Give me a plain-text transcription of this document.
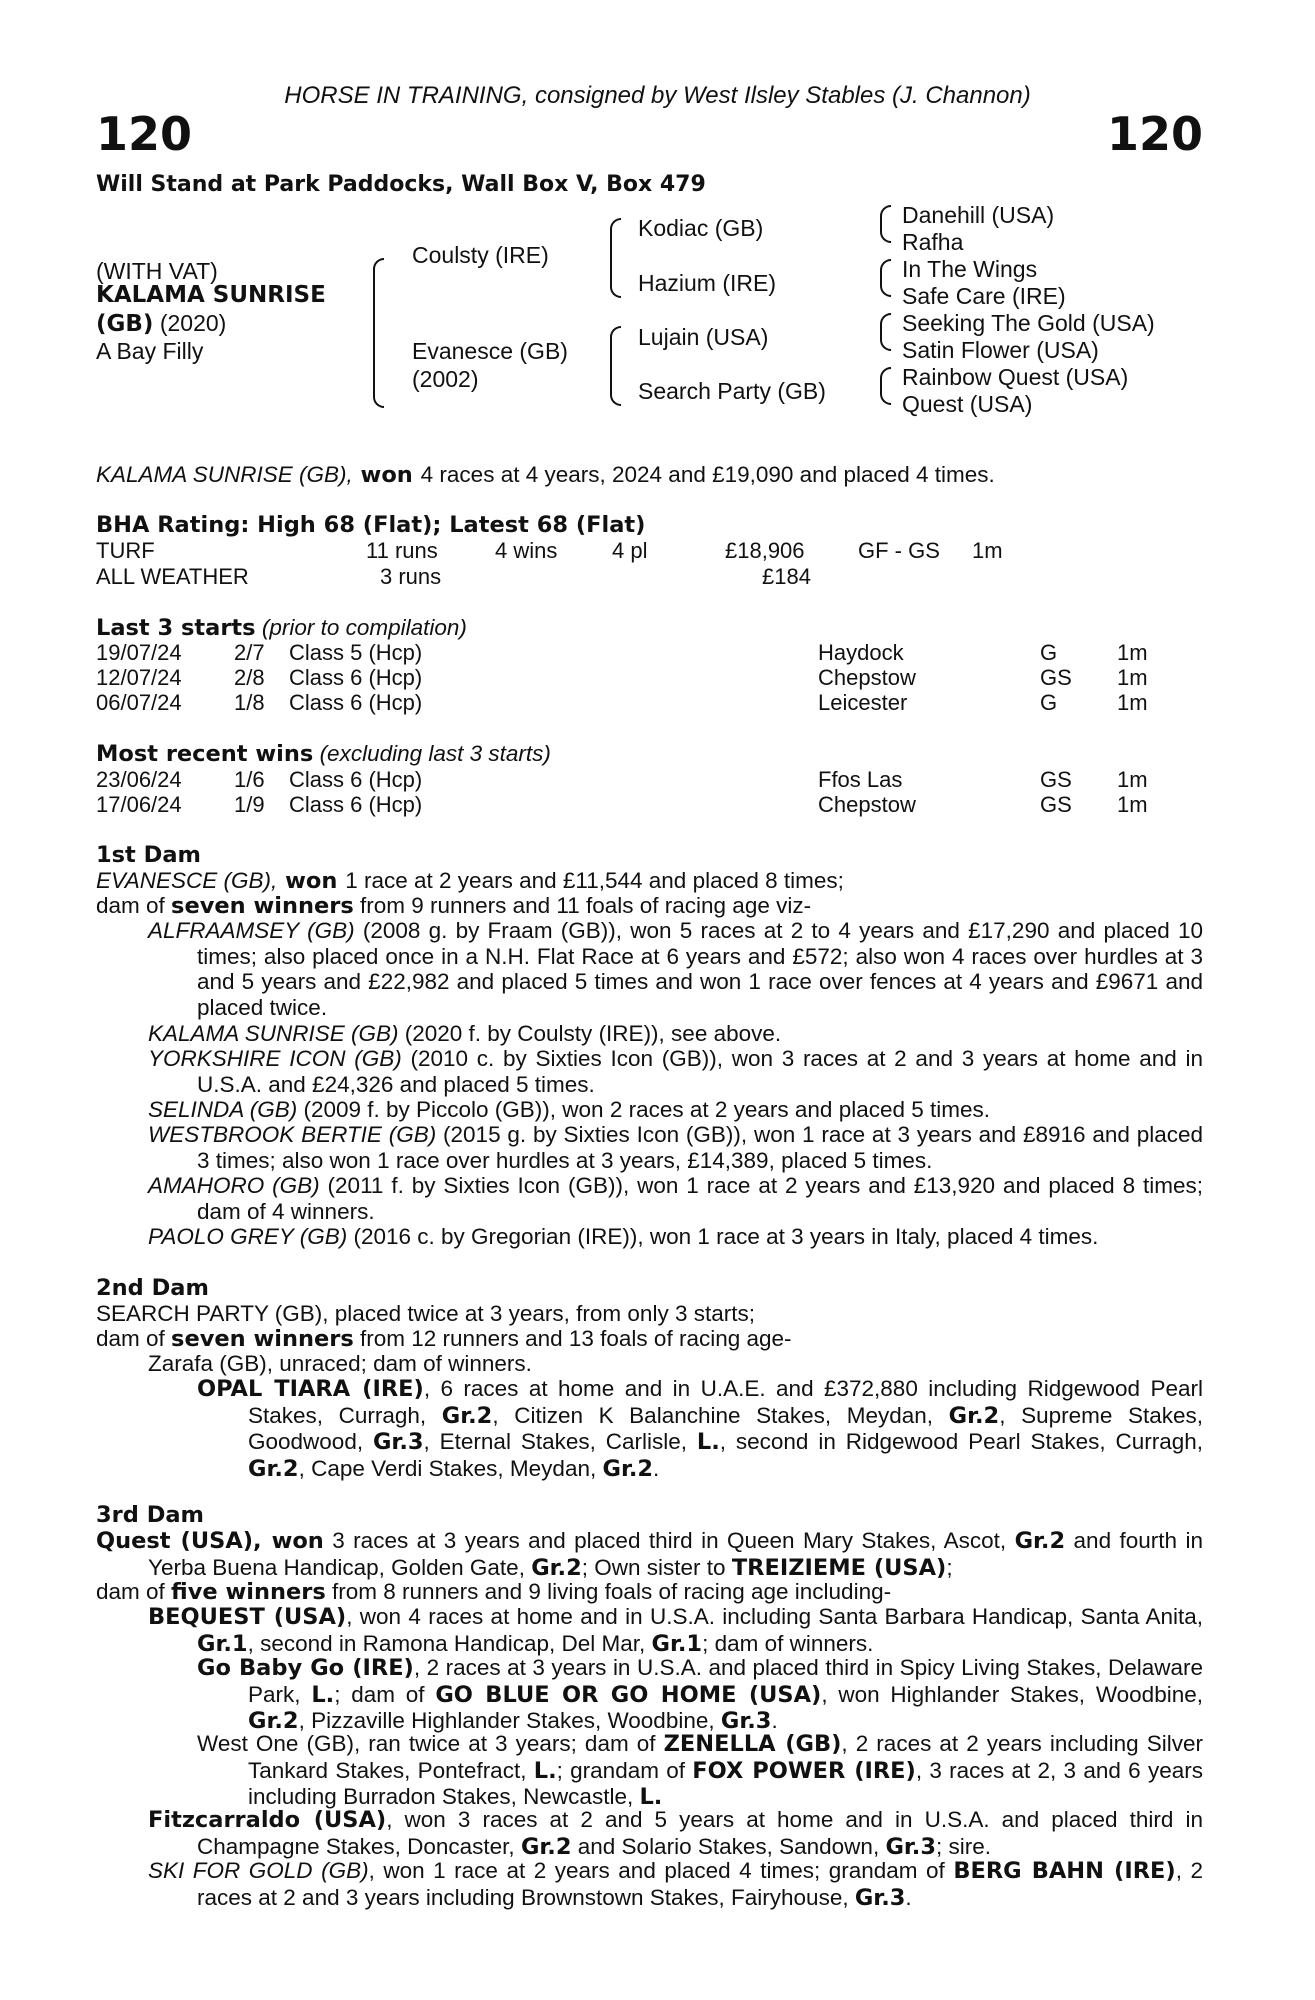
HORSE IN TRAINING, consigned by West Ilsley Stables (J. Channon)
120	120
Will Stand at Park Paddocks, Wall Box V, Box 479
(WITH VAT)
KALAMA SUNRISE
(GB) (2020)
A Bay Filly
Coulsty (IRE)
Evanesce (GB)
(2002)
Kodiac (GB)
Hazium (IRE)
Lujain (USA)
Search Party (GB)
Danehill (USA)
Rafha
In The Wings
Safe Care (IRE)
Seeking The Gold (USA)
Satin Flower (USA)
Rainbow Quest (USA)
Quest (USA)
KALAMA SUNRISE (GB), won 4 races at 4 years, 2024 and £19,090 and placed 4 times.
BHA Rating: High 68 (Flat); Latest 68 (Flat)
TURF	11 runs	4 wins 4 pl	£18,906 GF - GS 1m
ALL WEATHER	3 runs	£184
Last 3 starts (prior to compilation)
19/07/24 2/7 Class 5 (Hcp)	Haydock	G	1m
12/07/24 2/8 Class 6 (Hcp)	Chepstow	GS 1m
06/07/24 1/8 Class 6 (Hcp)	Leicester	G	1m
Most recent wins (excluding last 3 starts)
23/06/24 1/6 Class 6 (Hcp)	Ffos Las	GS 1m
17/06/24 1/9 Class 6 (Hcp)	Chepstow	GS 1m
1st Dam
EVANESCE (GB), won 1 race at 2 years and £11,544 and placed 8 times;
dam of seven winners from 9 runners and 11 foals of racing age viz-
ALFRAAMSEY (GB) (2008 g. by Fraam (GB)), won 5 races at 2 to 4 years and £17,290 and placed 10 times; also placed once in a N.H. Flat Race at 6 years and £572; also won 4 races over hurdles at 3 and 5 years and £22,982 and placed 5 times and won 1 race over fences at 4 years and £9671 and placed twice.
KALAMA SUNRISE (GB) (2020 f. by Coulsty (IRE)), see above.
YORKSHIRE ICON (GB) (2010 c. by Sixties Icon (GB)), won 3 races at 2 and 3 years at home and in U.S.A. and £24,326 and placed 5 times.
SELINDA (GB) (2009 f. by Piccolo (GB)), won 2 races at 2 years and placed 5 times.
WESTBROOK BERTIE (GB) (2015 g. by Sixties Icon (GB)), won 1 race at 3 years and £8916 and placed 3 times; also won 1 race over hurdles at 3 years, £14,389, placed 5 times.
AMAHORO (GB) (2011 f. by Sixties Icon (GB)), won 1 race at 2 years and £13,920 and placed 8 times; dam of 4 winners.
PAOLO GREY (GB) (2016 c. by Gregorian (IRE)), won 1 race at 3 years in Italy, placed 4 times.
2nd Dam
SEARCH PARTY (GB), placed twice at 3 years, from only 3 starts;
dam of seven winners from 12 runners and 13 foals of racing age-
Zarafa (GB), unraced; dam of winners.
OPAL TIARA (IRE), 6 races at home and in U.A.E. and £372,880 including Ridgewood Pearl Stakes, Curragh, Gr.2, Citizen K Balanchine Stakes, Meydan, Gr.2, Supreme Stakes, Goodwood, Gr.3, Eternal Stakes, Carlisle, L., second in Ridgewood Pearl Stakes, Curragh, Gr.2, Cape Verdi Stakes, Meydan, Gr.2.
3rd Dam
Quest (USA), won 3 races at 3 years and placed third in Queen Mary Stakes, Ascot, Gr.2 and fourth in Yerba Buena Handicap, Golden Gate, Gr.2; Own sister to TREIZIEME (USA);
dam of five winners from 8 runners and 9 living foals of racing age including-
BEQUEST (USA), won 4 races at home and in U.S.A. including Santa Barbara Handicap, Santa Anita, Gr.1, second in Ramona Handicap, Del Mar, Gr.1; dam of winners.
Go Baby Go (IRE), 2 races at 3 years in U.S.A. and placed third in Spicy Living Stakes, Delaware Park, L.; dam of GO BLUE OR GO HOME (USA), won Highlander Stakes, Woodbine, Gr.2, Pizzaville Highlander Stakes, Woodbine, Gr.3.
West One (GB), ran twice at 3 years; dam of ZENELLA (GB), 2 races at 2 years including Silver Tankard Stakes, Pontefract, L.; grandam of FOX POWER (IRE), 3 races at 2, 3 and 6 years including Burradon Stakes, Newcastle, L.
Fitzcarraldo (USA), won 3 races at 2 and 5 years at home and in U.S.A. and placed third in Champagne Stakes, Doncaster, Gr.2 and Solario Stakes, Sandown, Gr.3; sire.
SKI FOR GOLD (GB), won 1 race at 2 years and placed 4 times; grandam of BERG BAHN (IRE), 2 races at 2 and 3 years including Brownstown Stakes, Fairyhouse, Gr.3.
